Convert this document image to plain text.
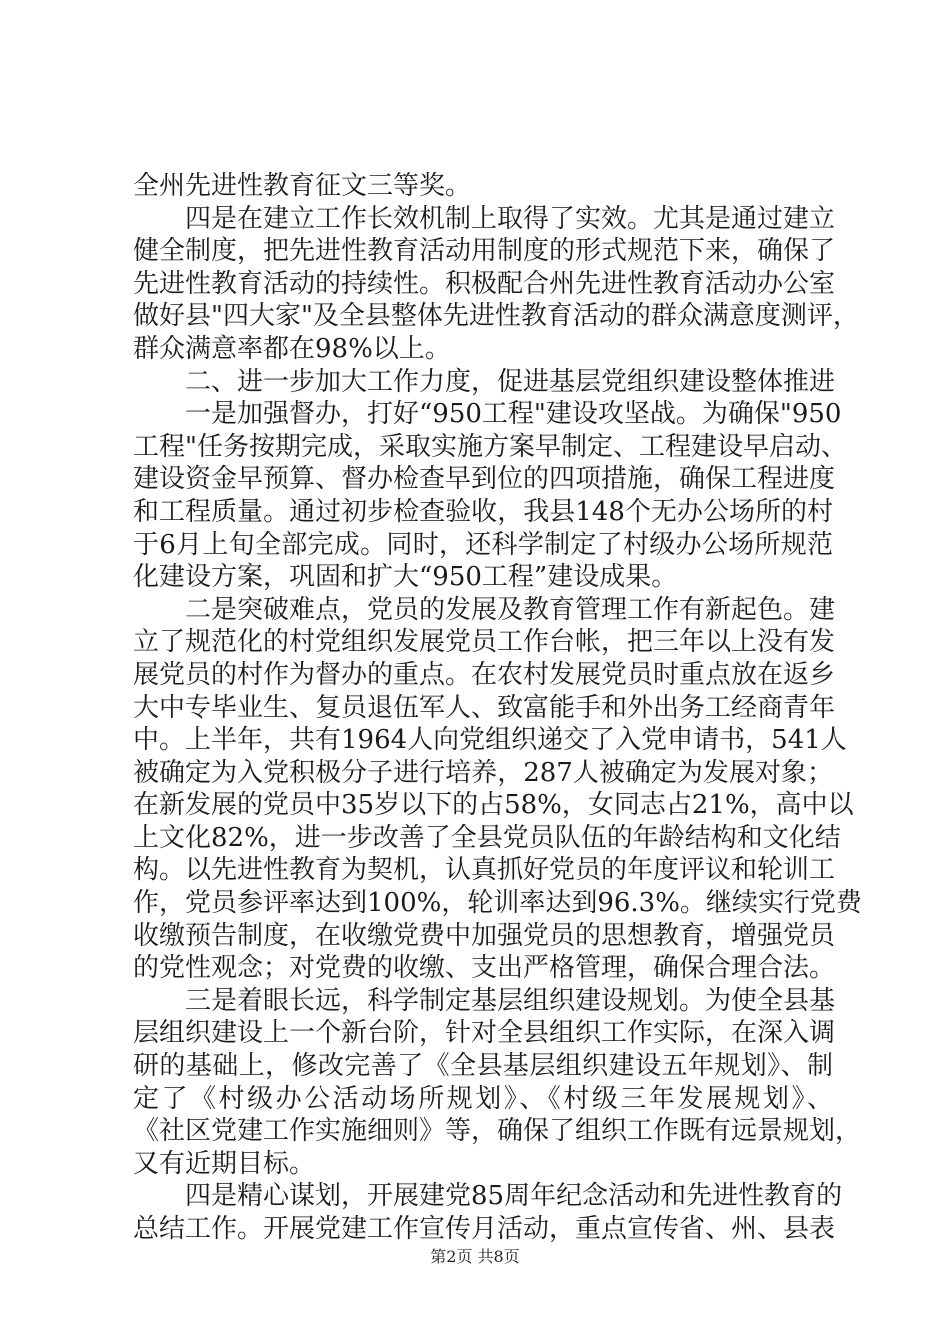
全州先进性教育征文三等奖。
四是在建立工作长效机制上取得了实效。尤其是通过建立
健全制度，把先进性教育活动用制度的形式规范下来，确保了
先进性教育活动的持续性。积极配合州先进性教育活动办公室
做好县"四大家"及全县整体先进性教育活动的群众满意度测评，
群众满意率都在98%以上。
二、进一步加大工作力度，促进基层党组织建设整体推进
一是加强督办，打好“950工程"建设攻坚战。为确保"950
工程"任务按期完成，采取实施方案早制定、工程建设早启动、
建设资金早预算、督办检查早到位的四项措施，确保工程进度
和工程质量。通过初步检查验收，我县148个无办公场所的村
于6月上旬全部完成。同时，还科学制定了村级办公场所规范
化建设方案，巩固和扩大“950工程”建设成果。
二是突破难点，党员的发展及教育管理工作有新起色。建
立了规范化的村党组织发展党员工作台帐，把三年以上没有发
展党员的村作为督办的重点。在农村发展党员时重点放在返乡
大中专毕业生、复员退伍军人、致富能手和外出务工经商青年
中。上半年，共有1964人向党组织递交了入党申请书，541人
被确定为入党积极分子进行培养，287人被确定为发展对象；
在新发展的党员中35岁以下的占58%，女同志占21%，高中以
上文化82%，进一步改善了全县党员队伍的年龄结构和文化结
构。以先进性教育为契机，认真抓好党员的年度评议和轮训工
作，党员参评率达到100%，轮训率达到96.3%。继续实行党费
收缴预告制度，在收缴党费中加强党员的思想教育，增强党员
的党性观念；对党费的收缴、支出严格管理，确保合理合法。
三是着眼长远，科学制定基层组织建设规划。为使全县基
层组织建设上一个新台阶，针对全县组织工作实际，在深入调
研的基础上，修改完善了《全县基层组织建设五年规划》、制
定了《村级办公活动场所规划》、《村级三年发展规划》、
《社区党建工作实施细则》等，确保了组织工作既有远景规划，
又有近期目标。
四是精心谋划，开展建党85周年纪念活动和先进性教育的
总结工作。开展党建工作宣传月活动，重点宣传省、州、县表
第2页 共8页
